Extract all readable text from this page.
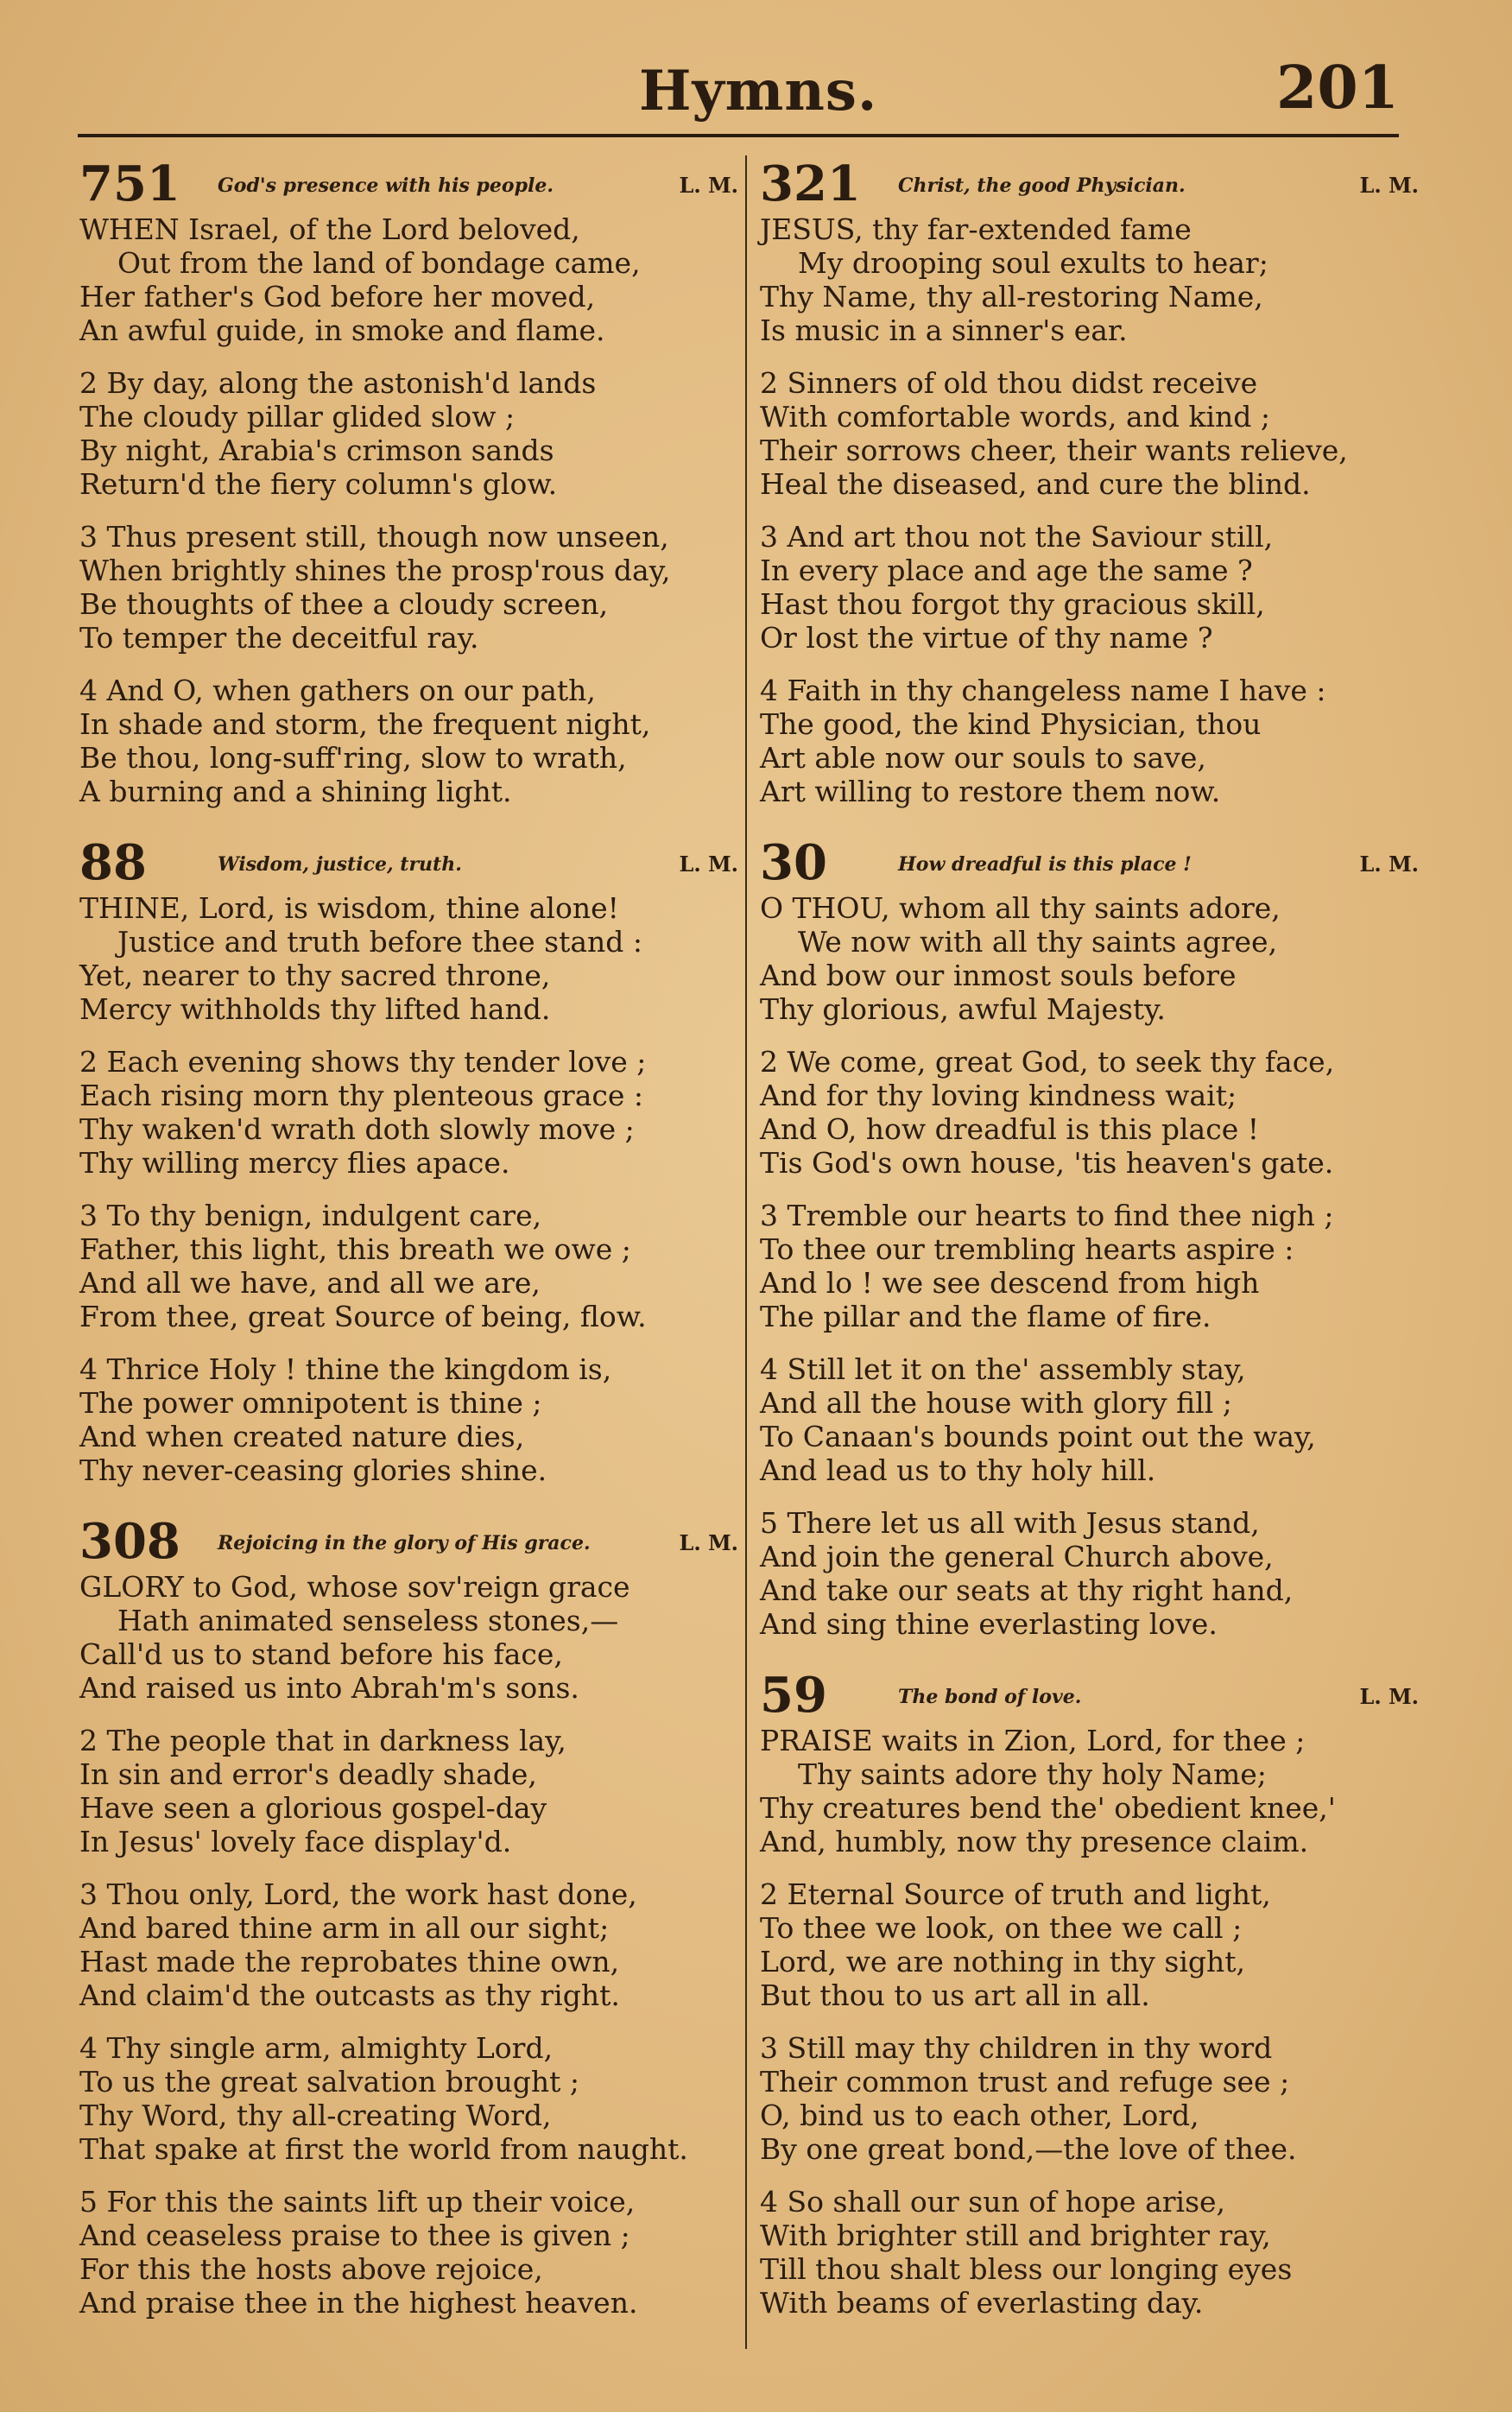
Hymns.	201
751 God's presence with his people.	L. M.
WHEN Israel, of the Lord beloved,
Out from the land of bondage came,
Her father's God before her moved,
An awful guide, in smoke and flame.
2 By day, along the astonish'd lands
The cloudy pillar glided slow ;
By night, Arabia's crimson sands
Return'd the fiery column's glow.
3 Thus present still, though now unseen,
When brightly shines the prosp'rous day,
Be thoughts of thee a cloudy screen,
To temper the deceitful ray.
4 And O, when gathers on our path,
In shade and storm, the frequent night,
Be thou, long-suff'ring, slow to wrath,
A burning and a shining light.
88	Wisdom, justice, truth.	L. M.
THINE, Lord, is wisdom, thine alone!
Justice and truth before thee stand :
Yet, nearer to thy sacred throne,
Mercy withholds thy lifted hand.
2 Each evening shows thy tender love ;
Each rising morn thy plenteous grace :
Thy waken'd wrath doth slowly move ;
Thy willing mercy flies apace.
3 To thy benign, indulgent care,
Father, this light, this breath we owe ;
And all we have, and all we are,
From thee, great Source of being, flow.
4 Thrice Holy ! thine the kingdom is,
The power omnipotent is thine ;
And when created nature dies,
Thy never-ceasing glories shine.
308 Rejoicing in the glory of His grace.	L. M.
GLORY to God, whose sov'reign grace
Hath animated senseless stones,—
Call'd us to stand before his face,
And raised us into Abrah'm's sons.
2 The people that in darkness lay,
In sin and error's deadly shade,
Have seen a glorious gospel-day
In Jesus' lovely face display'd.
3 Thou only, Lord, the work hast done,
And bared thine arm in all our sight;
Hast made the reprobates thine own,
And claim'd the outcasts as thy right.
4 Thy single arm, almighty Lord,
To us the great salvation brought ;
Thy Word, thy all-creating Word,
That spake at first the world from naught.
5 For this the saints lift up their voice,
And ceaseless praise to thee is given ;
For this the hosts above rejoice,
And praise thee in the highest heaven.
321 Christ, the good Physician.	L. M.
JESUS, thy far-extended fame
My drooping soul exults to hear;
Thy Name, thy all-restoring Name,
Is music in a sinner's ear.
2 Sinners of old thou didst receive
With comfortable words, and kind ;
Their sorrows cheer, their wants relieve,
Heal the diseased, and cure the blind.
3 And art thou not the Saviour still,
In every place and age the same ?
Hast thou forgot thy gracious skill,
Or lost the virtue of thy name ?
4 Faith in thy changeless name I have :
The good, the kind Physician, thou
Art able now our souls to save,
Art willing to restore them now.
30	How dreadful is this place !	L. M.
O THOU, whom all thy saints adore,
We now with all thy saints agree,
And bow our inmost souls before
Thy glorious, awful Majesty.
2 We come, great God, to seek thy face,
And for thy loving kindness wait;
And O, how dreadful is this place !
Tis God's own house, 'tis heaven's gate.
3 Tremble our hearts to find thee nigh ;
To thee our trembling hearts aspire :
And lo ! we see descend from high
The pillar and the flame of fire.
4 Still let it on the' assembly stay,
And all the house with glory fill ;
To Canaan's bounds point out the way,
And lead us to thy holy hill.
5 There let us all with Jesus stand,
And join the general Church above,
And take our seats at thy right hand,
And sing thine everlasting love.
59	The bond of love.	L. M.
PRAISE waits in Zion, Lord, for thee ;
Thy saints adore thy holy Name;
Thy creatures bend the' obedient knee,'
And, humbly, now thy presence claim.
2 Eternal Source of truth and light,
To thee we look, on thee we call ;
Lord, we are nothing in thy sight,
But thou to us art all in all.
3 Still may thy children in thy word
Their common trust and refuge see ;
O, bind us to each other, Lord,
By one great bond,—the love of thee.
4 So shall our sun of hope arise,
With brighter still and brighter ray,
Till thou shalt bless our longing eyes
With beams of everlasting day.
